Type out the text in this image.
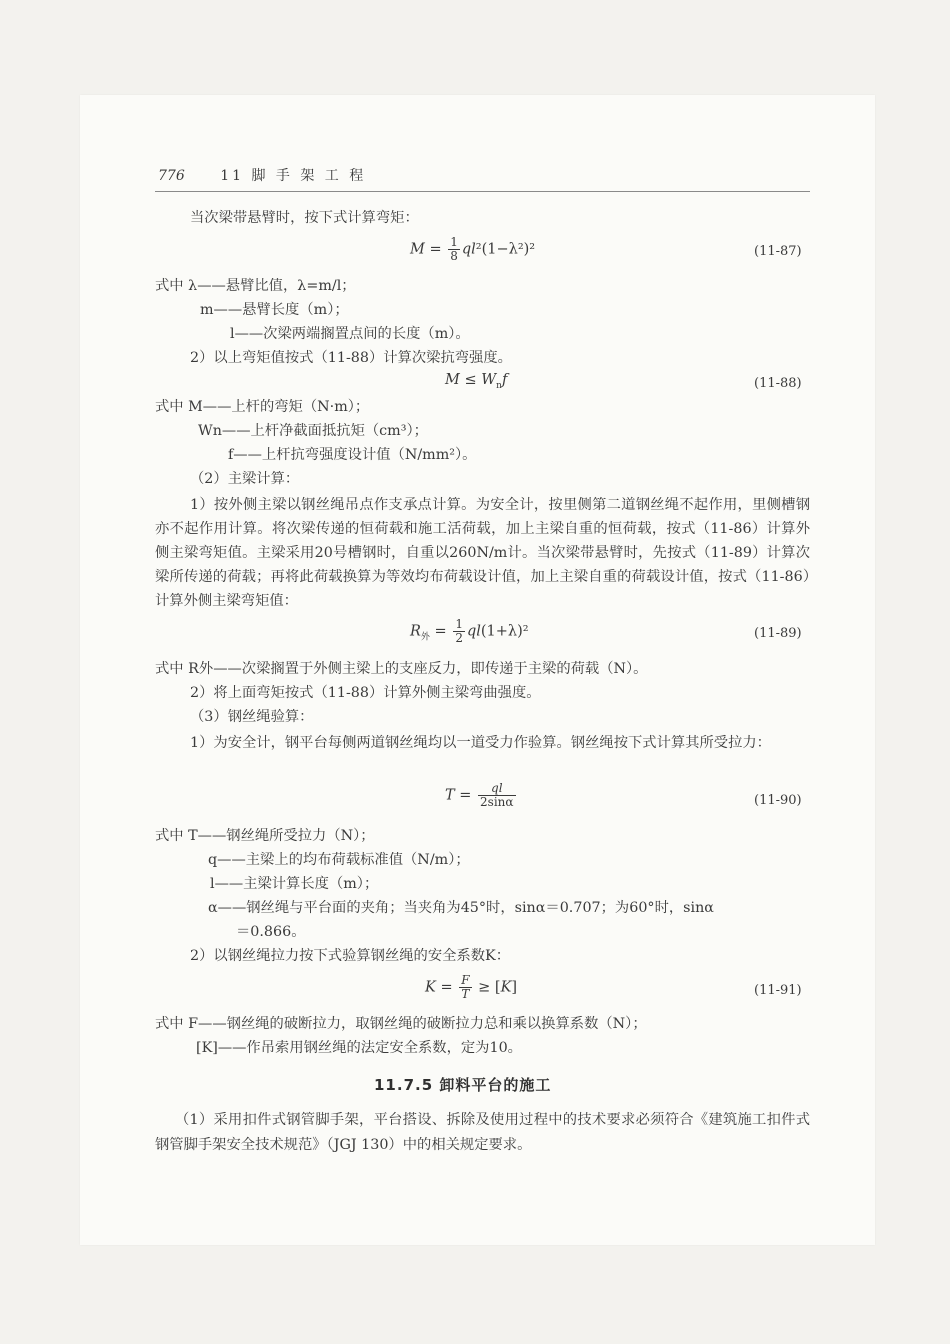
776	11 脚 手 架 工 程
当次梁带悬臂时，按下式计算弯矩：
$M = \frac{1}{8} ql^2(1-\lambda^2)^2$	(11-87)
式中 λ——悬臂比值，λ=m/l；
m——悬臂长度（m）；
l——次梁两端搁置点间的长度（m）。
2）以上弯矩值按式（11-88）计算次梁抗弯强度。
$M \le W_nf$	(11-88)
式中 M——上杆的弯矩（N·m）；
Wn——上杆净截面抵抗矩（cm³）；
f——上杆抗弯强度设计值（N/mm²）。
（2）主梁计算：
1）按外侧主梁以钢丝绳吊点作支承点计算。为安全计，按里侧第二道钢丝绳不起作用，里侧槽钢亦不起作用计算。将次梁传递的恒荷载和施工活荷载，加上主梁自重的恒荷载，按式（11-86）计算外侧主梁弯矩值。主梁采用20号槽钢时，自重以260N/m计。当次梁带悬臂时，先按式（11-89）计算次梁所传递的荷载；再将此荷载换算为等效均布荷载设计值，加上主梁自重的荷载设计值，按式（11-86）计算外侧主梁弯矩值：
$R_外 = \frac{1}{2} ql(1+\lambda)^2$	(11-89)
式中 R外——次梁搁置于外侧主梁上的支座反力，即传递于主梁的荷载（N）。
2）将上面弯矩按式（11-88）计算外侧主梁弯曲强度。
（3）钢丝绳验算：
1）为安全计，钢平台每侧两道钢丝绳均以一道受力作验算。钢丝绳按下式计算其所受拉力：
$T = \frac{ql}{2\sin\alpha}$	(11-90)
式中 T——钢丝绳所受拉力（N）；
q——主梁上的均布荷载标准值（N/m）；
l——主梁计算长度（m）；
α——钢丝绳与平台面的夹角；当夹角为45°时，sinα＝0.707；为60°时，sinα
＝0.866。
2）以钢丝绳拉力按下式验算钢丝绳的安全系数K：
$K = \frac{F}{T} \ge [K]$	(11-91)
式中 F——钢丝绳的破断拉力，取钢丝绳的破断拉力总和乘以换算系数（N）；
[K]——作吊索用钢丝绳的法定安全系数，定为10。
11.7.5 卸料平台的施工
（1）采用扣件式钢管脚手架，平台搭设、拆除及使用过程中的技术要求必须符合《建筑施工扣件式钢管脚手架安全技术规范》（JGJ 130）中的相关规定要求。
